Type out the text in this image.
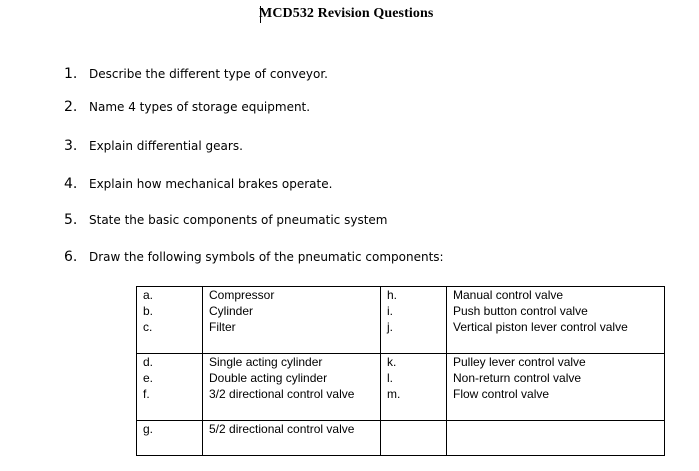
MCD532 Revision Questions
1. Describe the different type of conveyor.
2. Name 4 types of storage equipment.
3. Explain differential gears.
4. Explain how mechanical brakes operate.
5. State the basic components of pneumatic system
6. Draw the following symbols of the pneumatic components:
a.	Compressor	h.	Manual control valve
b.	Cylinder	i.	Push button control valve
c.	Filter	j.	Vertical piston lever control valve
d.	Single acting cylinder	k.	Pulley lever control valve
e.	Double acting cylinder	l.	Non-return control valve
f.	3/2 directional control valve	m.	Flow control valve
g.	5/2 directional control valve		
